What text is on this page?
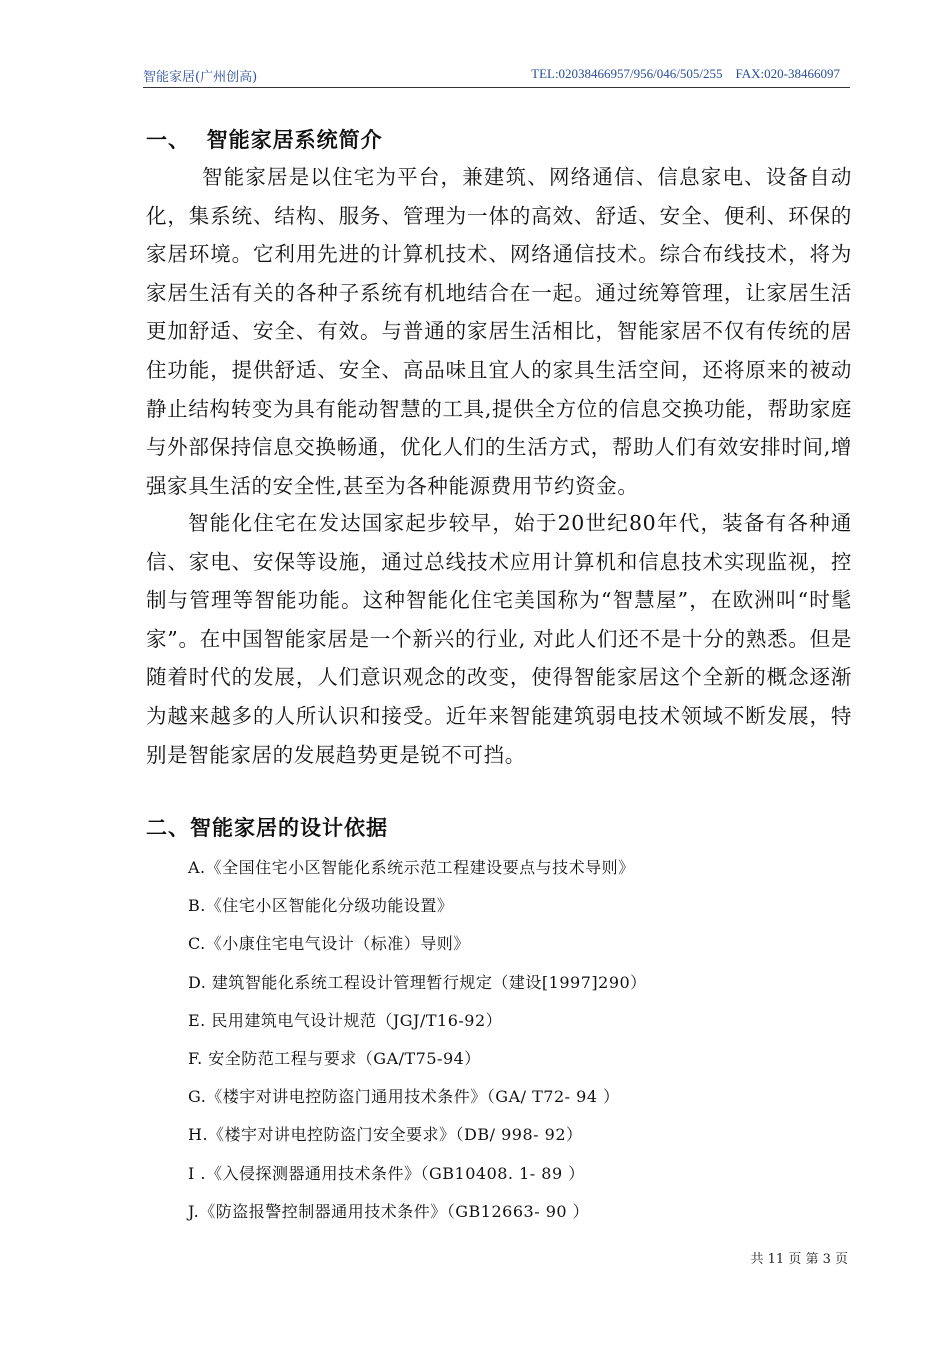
智能家居(广州创高)	TEL:02038466957/956/046/505/255    FAX:020-38466097
一、  智能家居系统简介

智能家居是以住宅为平台，兼建筑、网络通信、信息家电、设备自动化，集系统、结构、服务、管理为一体的高效、舒适、安全、便利、环保的家居环境。它利用先进的计算机技术、网络通信技术。综合布线技术，将为家居生活有关的各种子系统有机地结合在一起。通过统筹管理，让家居生活更加舒适、安全、有效。与普通的家居生活相比，智能家居不仅有传统的居住功能，提供舒适、安全、高品味且宜人的家具生活空间，还将原来的被动静止结构转变为具有能动智慧的工具,提供全方位的信息交换功能，帮助家庭与外部保持信息交换畅通，优化人们的生活方式，帮助人们有效安排时间,增强家具生活的安全性,甚至为各种能源费用节约资金。

智能化住宅在发达国家起步较早，始于20世纪80年代，装备有各种通信、家电、安保等设施，通过总线技术应用计算机和信息技术实现监视，控制与管理等智能功能。这种智能化住宅美国称为“智慧屋”，在欧洲叫“时髦家”。在中国智能家居是一个新兴的行业, 对此人们还不是十分的熟悉。但是随着时代的发展，人们意识观念的改变，使得智能家居这个全新的概念逐渐为越来越多的人所认识和接受。近年来智能建筑弱电技术领域不断发展，特别是智能家居的发展趋势更是锐不可挡。

二、智能家居的设计依据
A.《全国住宅小区智能化系统示范工程建设要点与技术导则》
B.《住宅小区智能化分级功能设置》
C.《小康住宅电气设计（标准）导则》
D. 建筑智能化系统工程设计管理暂行规定（建设[1997]290）
E. 民用建筑电气设计规范（JGJ/T16-92）
F. 安全防范工程与要求（GA/T75-94）
G.《楼宇对讲电控防盗门通用技术条件》（GA/ T72- 94 ）
H.《楼宇对讲电控防盗门安全要求》（DB/ 998- 92）
I .《入侵探测器通用技术条件》（GB10408. 1- 89 ）
J.《防盗报警控制器通用技术条件》（GB12663- 90 ）
共 11 页 第 3 页
